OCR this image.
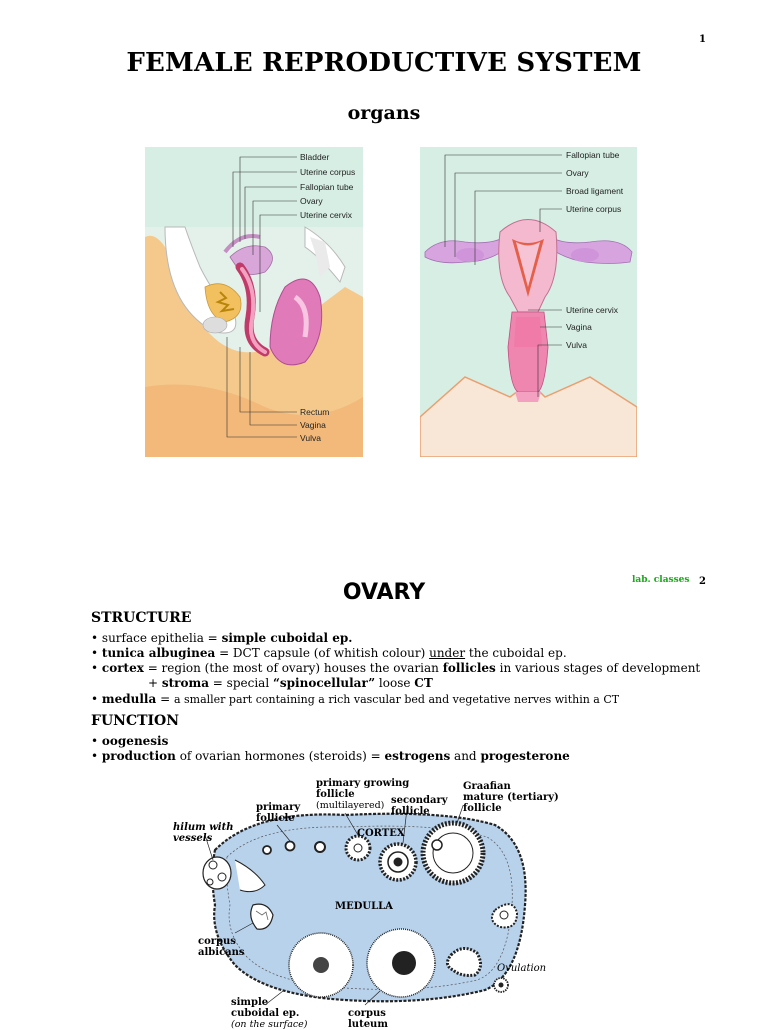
1
FEMALE REPRODUCTIVE SYSTEM
organs
Bladder
Uterine corpus
Fallopian tube
Ovary
Uterine cervix
Rectum
Vagina
Vulva
Fallopian tube
Ovary
Broad ligament
Uterine corpus
Uterine cervix
Vagina
Vulva
lab. classes 2
OVARY
STRUCTURE
• surface epithelia = simple cuboidal ep.
• tunica albuginea = DCT capsule (of whitish colour) under the cuboidal ep.
• cortex = region (the most of ovary) houses the ovarian follicles in various stages of development
+ stroma = special “spinocellular” loose CT
• medulla = a smaller part containing a rich vascular bed and vegetative nerves within a CT
FUNCTION
• oogenesis
• production of ovarian hormones (steroids) = estrogens and progesterone
CORTEX
MEDULLA
primary growing
follicle
(multilayered)
Graafian
mature (tertiary)
follicle
secondary
follicle
primary
follicle
hilum with
vessels
corpus
albicans
Ovulation
simple
cuboidal ep.
(on the surface)
corpus
luteum
